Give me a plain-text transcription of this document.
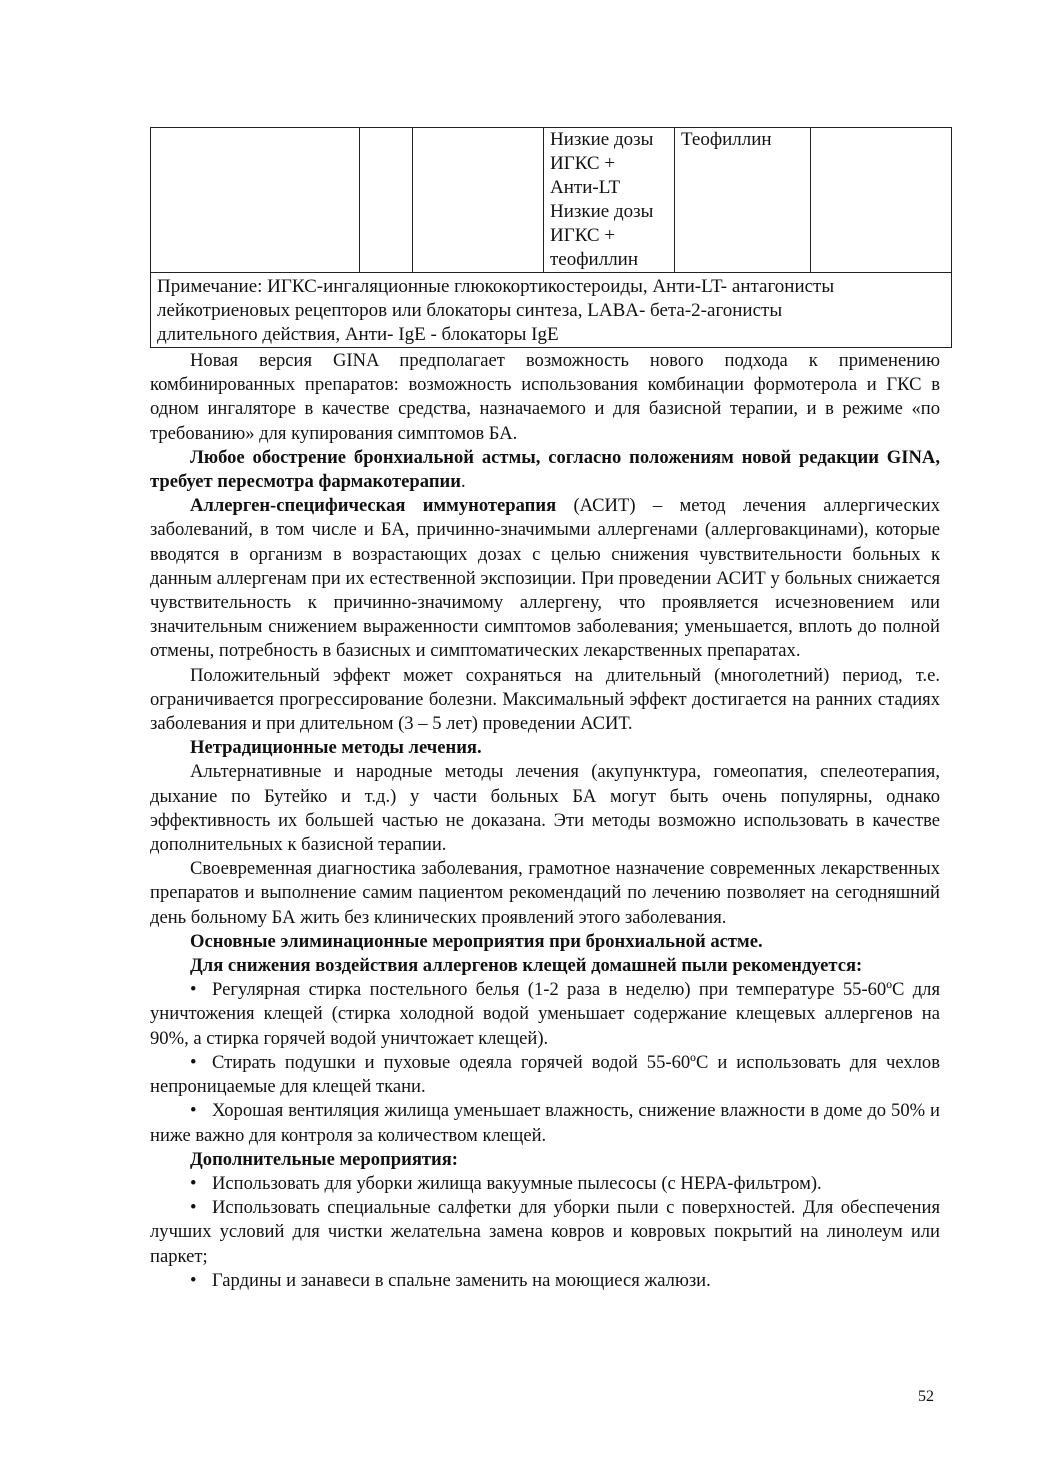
			Низкие дозы
ИГКС +
Анти-LT
Низкие дозы
ИГКС +
теофиллин	Теофиллин	
Примечание: ИГКС-ингаляционные глюкокортикостероиды, Анти-LT- антагонисты
лейкотриеновых рецепторов или блокаторы синтеза, LABA- бета-2-агонисты
длительного действия, Анти- IgE - блокаторы IgE

Новая версия GINA предполагает возможность нового подхода к применению комбинированных препаратов: возможность использования комбинации формотерола и ГКС в одном ингаляторе в качестве средства, назначаемого и для базисной терапии, и в режиме «по требованию» для купирования симптомов БА.

Любое обострение бронхиальной астмы, согласно положениям новой редакции GINA, требует пересмотра фармакотерапии.

Аллерген-специфическая иммунотерапия (АСИТ) – метод лечения аллергических заболеваний, в том числе и БА, причинно-значимыми аллергенами (аллерговакцинами), которые вводятся в организм в возрастающих дозах с целью снижения чувствительности больных к данным аллергенам при их естественной экспозиции. При проведении АСИТ у больных снижается чувствительность к причинно-значимому аллергену, что проявляется исчезновением или значительным снижением выраженности симптомов заболевания; уменьшается, вплоть до полной отмены, потребность в базисных и симптоматических лекарственных препаратах.

Положительный эффект может сохраняться на длительный (многолетний) период, т.е. ограничивается прогрессирование болезни. Максимальный эффект достигается на ранних стадиях заболевания и при длительном (3 – 5 лет) проведении АСИТ.

Нетрадиционные методы лечения.

Альтернативные и народные методы лечения (акупунктура, гомеопатия, спелеотерапия, дыхание по Бутейко и т.д.) у части больных БА могут быть очень популярны, однако эффективность их большей частью не доказана. Эти методы возможно использовать в качестве дополнительных к базисной терапии.

Своевременная диагностика заболевания, грамотное назначение современных лекарственных препаратов и выполнение самим пациентом рекомендаций по лечению позволяет на сегодняшний день больному БА жить без клинических проявлений этого заболевания.

Основные элиминационные мероприятия при бронхиальной астме.

Для снижения воздействия аллергенов клещей домашней пыли рекомендуется:

• Регулярная стирка постельного белья (1-2 раза в неделю) при температуре 55-60ºС для уничтожения клещей (стирка холодной водой уменьшает содержание клещевых аллергенов на 90%, а стирка горячей водой уничтожает клещей).

• Стирать подушки и пуховые одеяла горячей водой 55-60ºС и использовать для чехлов непроницаемые для клещей ткани.

• Хорошая вентиляция жилища уменьшает влажность, снижение влажности в доме до 50% и ниже важно для контроля за количеством клещей.

Дополнительные мероприятия:

• Использовать для уборки жилища вакуумные пылесосы (с HEPA-фильтром).

• Использовать специальные салфетки для уборки пыли с поверхностей. Для обеспечения лучших условий для чистки желательна замена ковров и ковровых покрытий на линолеум или паркет;

• Гардины и занавеси в спальне заменить на моющиеся жалюзи.

52
